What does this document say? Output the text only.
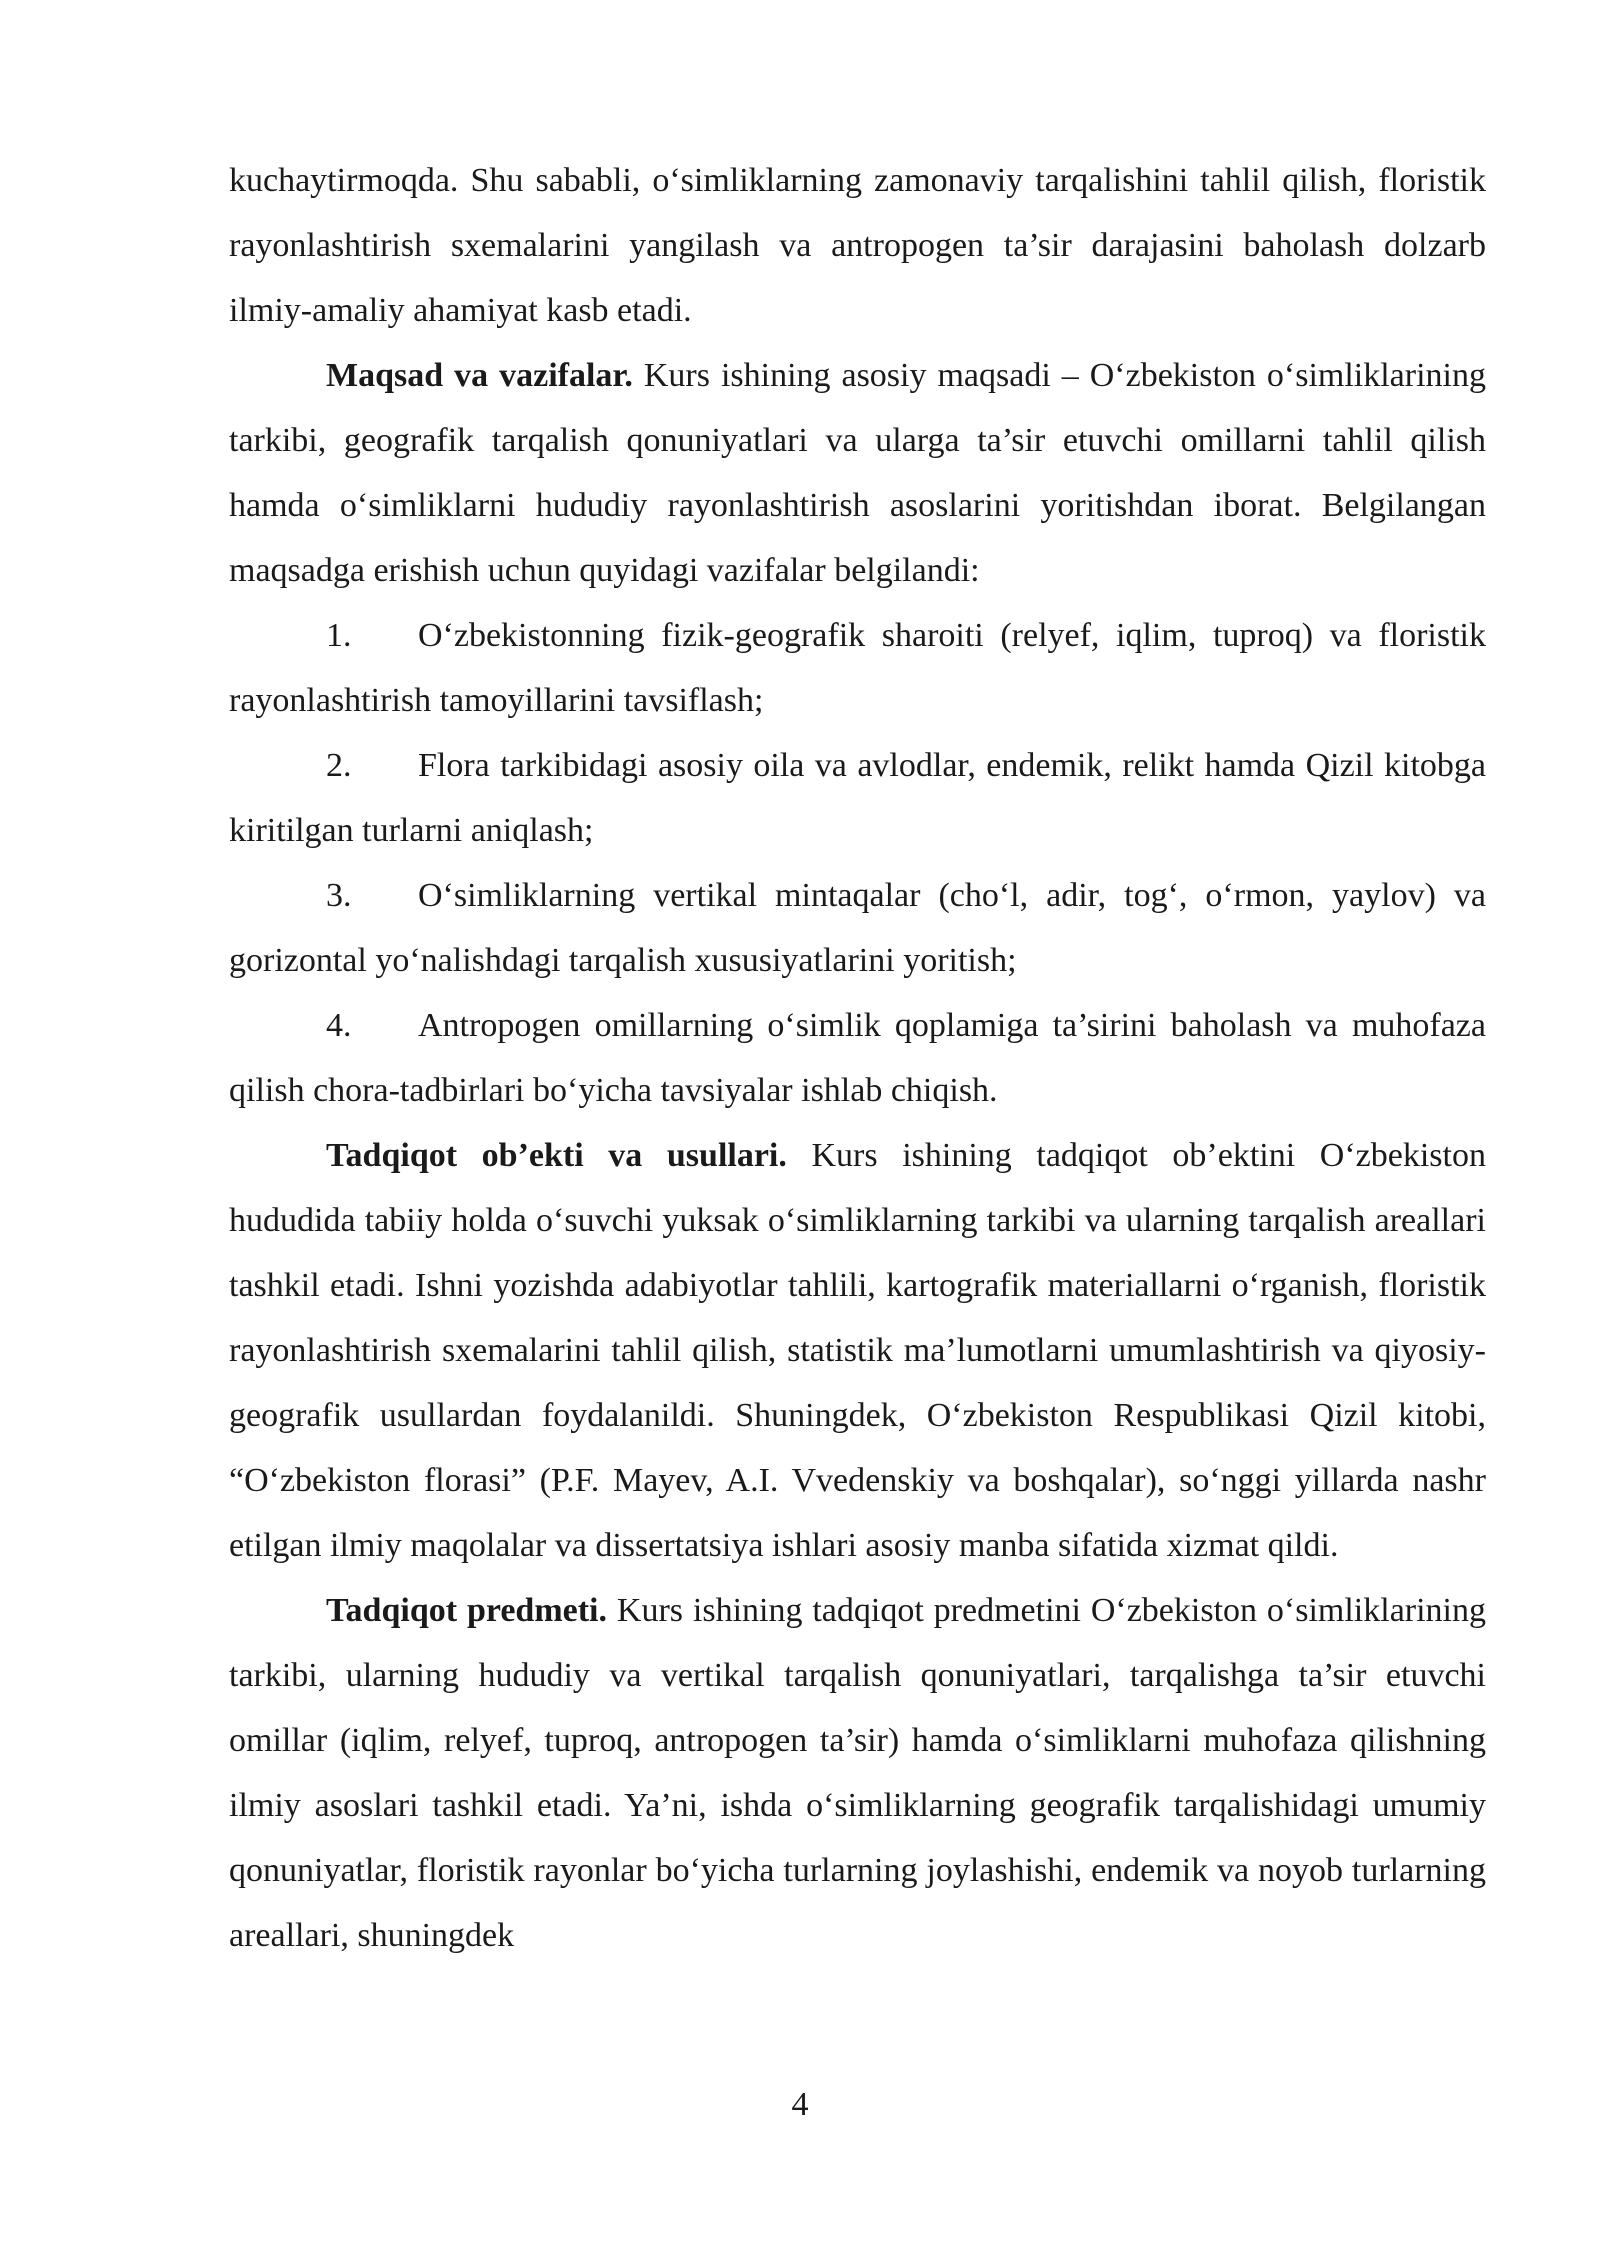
kuchaytirmoqda. Shu sababli, o‘simliklarning zamonaviy tarqalishini tahlil qilish, floristik rayonlashtirish sxemalarini yangilash va antropogen ta’sir darajasini baholash dolzarb ilmiy-amaliy ahamiyat kasb etadi.

Maqsad va vazifalar. Kurs ishining asosiy maqsadi – O‘zbekiston o‘simliklarining tarkibi, geografik tarqalish qonuniyatlari va ularga ta’sir etuvchi omillarni tahlil qilish hamda o‘simliklarni hududiy rayonlashtirish asoslarini yoritishdan iborat. Belgilangan maqsadga erishish uchun quyidagi vazifalar belgilandi:

1. O‘zbekistonning fizik-geografik sharoiti (relyef, iqlim, tuproq) va floristik rayonlashtirish tamoyillarini tavsiflash;

2. Flora tarkibidagi asosiy oila va avlodlar, endemik, relikt hamda Qizil kitobga kiritilgan turlarni aniqlash;

3. O‘simliklarning vertikal mintaqalar (cho‘l, adir, tog‘, o‘rmon, yaylov) va gorizontal yo‘nalishdagi tarqalish xususiyatlarini yoritish;

4. Antropogen omillarning o‘simlik qoplamiga ta’sirini baholash va muhofaza qilish chora-tadbirlari bo‘yicha tavsiyalar ishlab chiqish.

Tadqiqot ob’ekti va usullari. Kurs ishining tadqiqot ob’ektini O‘zbekiston hududida tabiiy holda o‘suvchi yuksak o‘simliklarning tarkibi va ularning tarqalish areallari tashkil etadi. Ishni yozishda adabiyotlar tahlili, kartografik materiallarni o‘rganish, floristik rayonlashtirish sxemalarini tahlil qilish, statistik ma’lumotlarni umumlashtirish va qiyosiy-geografik usullardan foydalanildi. Shuningdek, O‘zbekiston Respublikasi Qizil kitobi, “O‘zbekiston florasi” (P.F. Mayev, A.I. Vvedenskiy va boshqalar), so‘nggi yillarda nashr etilgan ilmiy maqolalar va dissertatsiya ishlari asosiy manba sifatida xizmat qildi.

Tadqiqot predmeti. Kurs ishining tadqiqot predmetini O‘zbekiston o‘simliklarining tarkibi, ularning hududiy va vertikal tarqalish qonuniyatlari, tarqalishga ta’sir etuvchi omillar (iqlim, relyef, tuproq, antropogen ta’sir) hamda o‘simliklarni muhofaza qilishning ilmiy asoslari tashkil etadi. Ya’ni, ishda o‘simliklarning geografik tarqalishidagi umumiy qonuniyatlar, floristik rayonlar bo‘yicha turlarning joylashishi, endemik va noyob turlarning areallari, shuningdek

4
